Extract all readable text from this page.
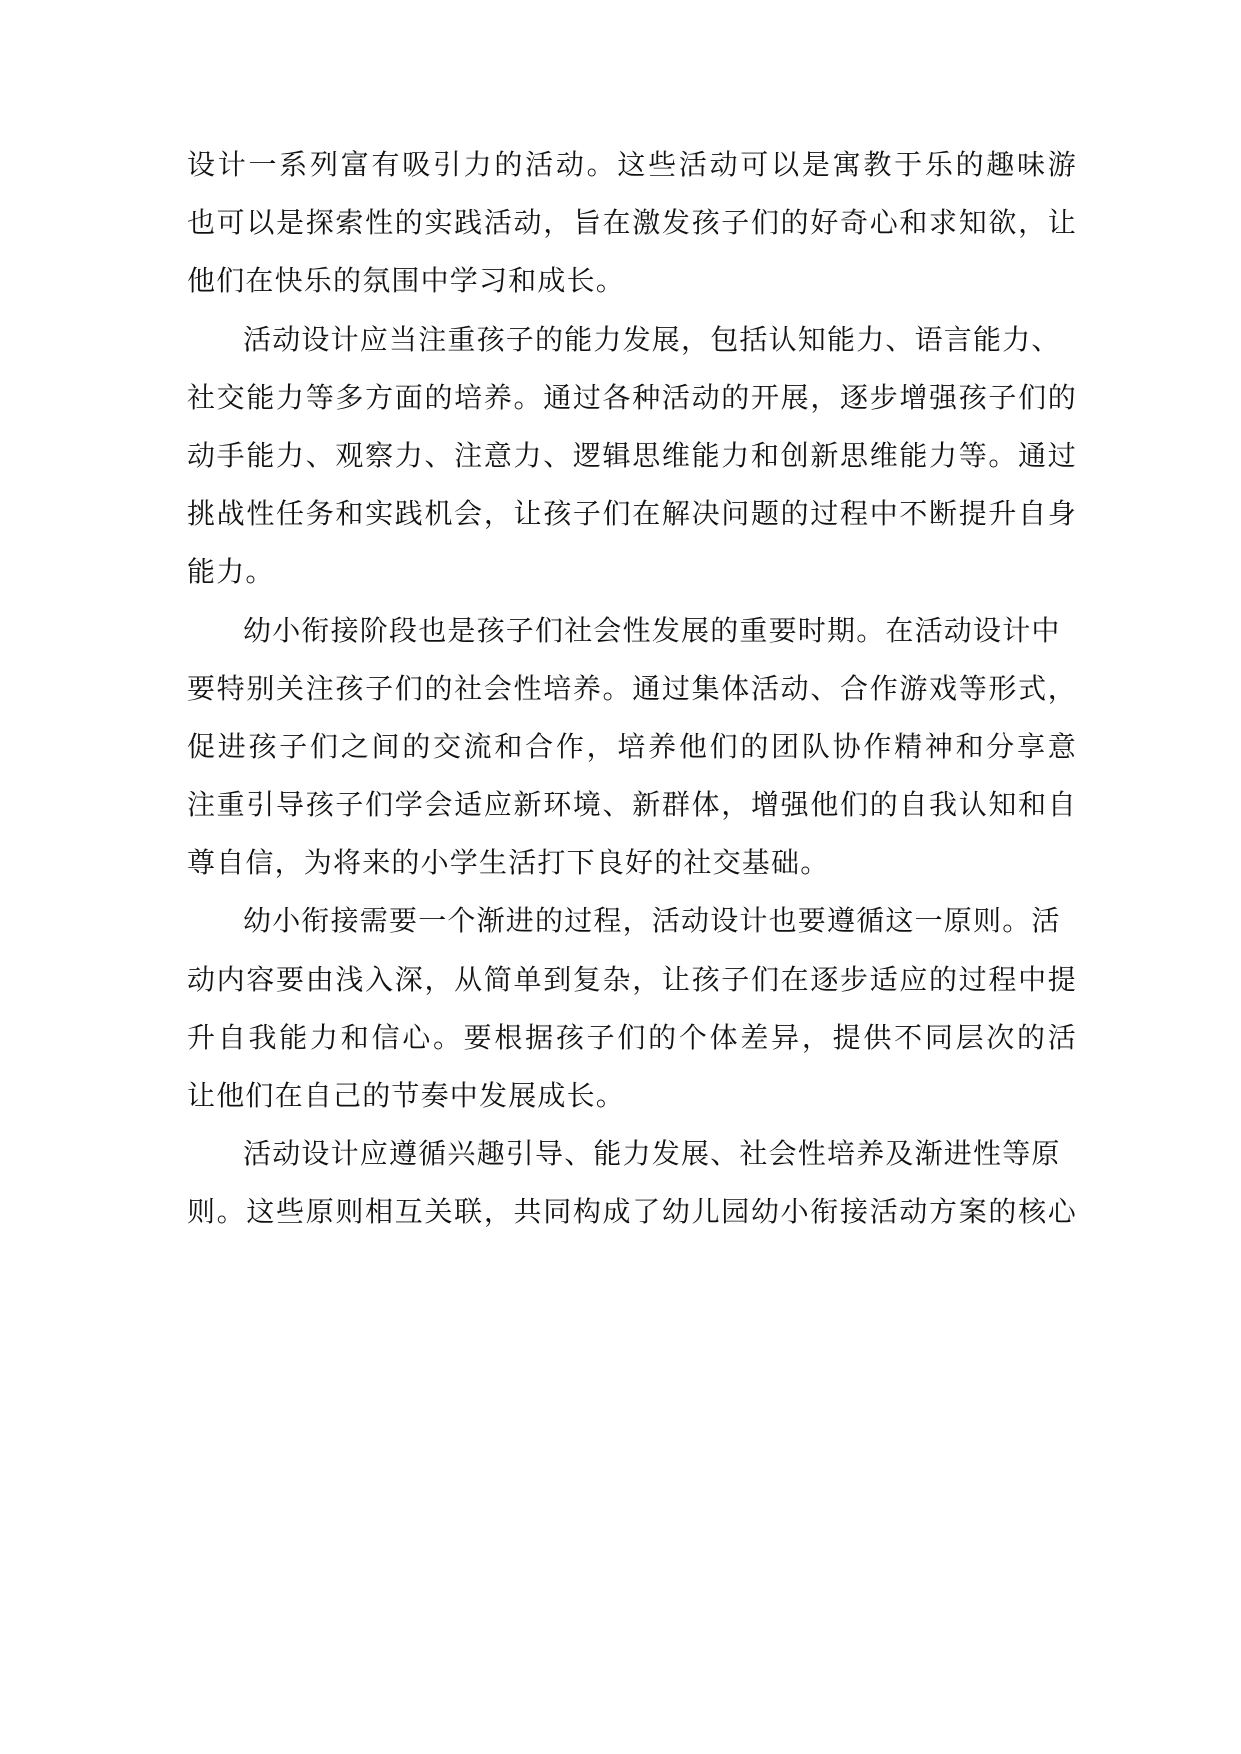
设计一系列富有吸引力的活动。这些活动可以是寓教于乐的趣味游
也可以是探索性的实践活动，旨在激发孩子们的好奇心和求知欲，让
他们在快乐的氛围中学习和成长。
活动设计应当注重孩子的能力发展，包括认知能力、语言能力、
社交能力等多方面的培养。通过各种活动的开展，逐步增强孩子们的
动手能力、观察力、注意力、逻辑思维能力和创新思维能力等。通过
挑战性任务和实践机会，让孩子们在解决问题的过程中不断提升自身
能力。
幼小衔接阶段也是孩子们社会性发展的重要时期。在活动设计中
要特别关注孩子们的社会性培养。通过集体活动、合作游戏等形式，
促进孩子们之间的交流和合作，培养他们的团队协作精神和分享意
注重引导孩子们学会适应新环境、新群体，增强他们的自我认知和自
尊自信，为将来的小学生活打下良好的社交基础。
幼小衔接需要一个渐进的过程，活动设计也要遵循这一原则。活
动内容要由浅入深，从简单到复杂，让孩子们在逐步适应的过程中提
升自我能力和信心。要根据孩子们的个体差异，提供不同层次的活
让他们在自己的节奏中发展成长。
活动设计应遵循兴趣引导、能力发展、社会性培养及渐进性等原
则。这些原则相互关联，共同构成了幼儿园幼小衔接活动方案的核心
